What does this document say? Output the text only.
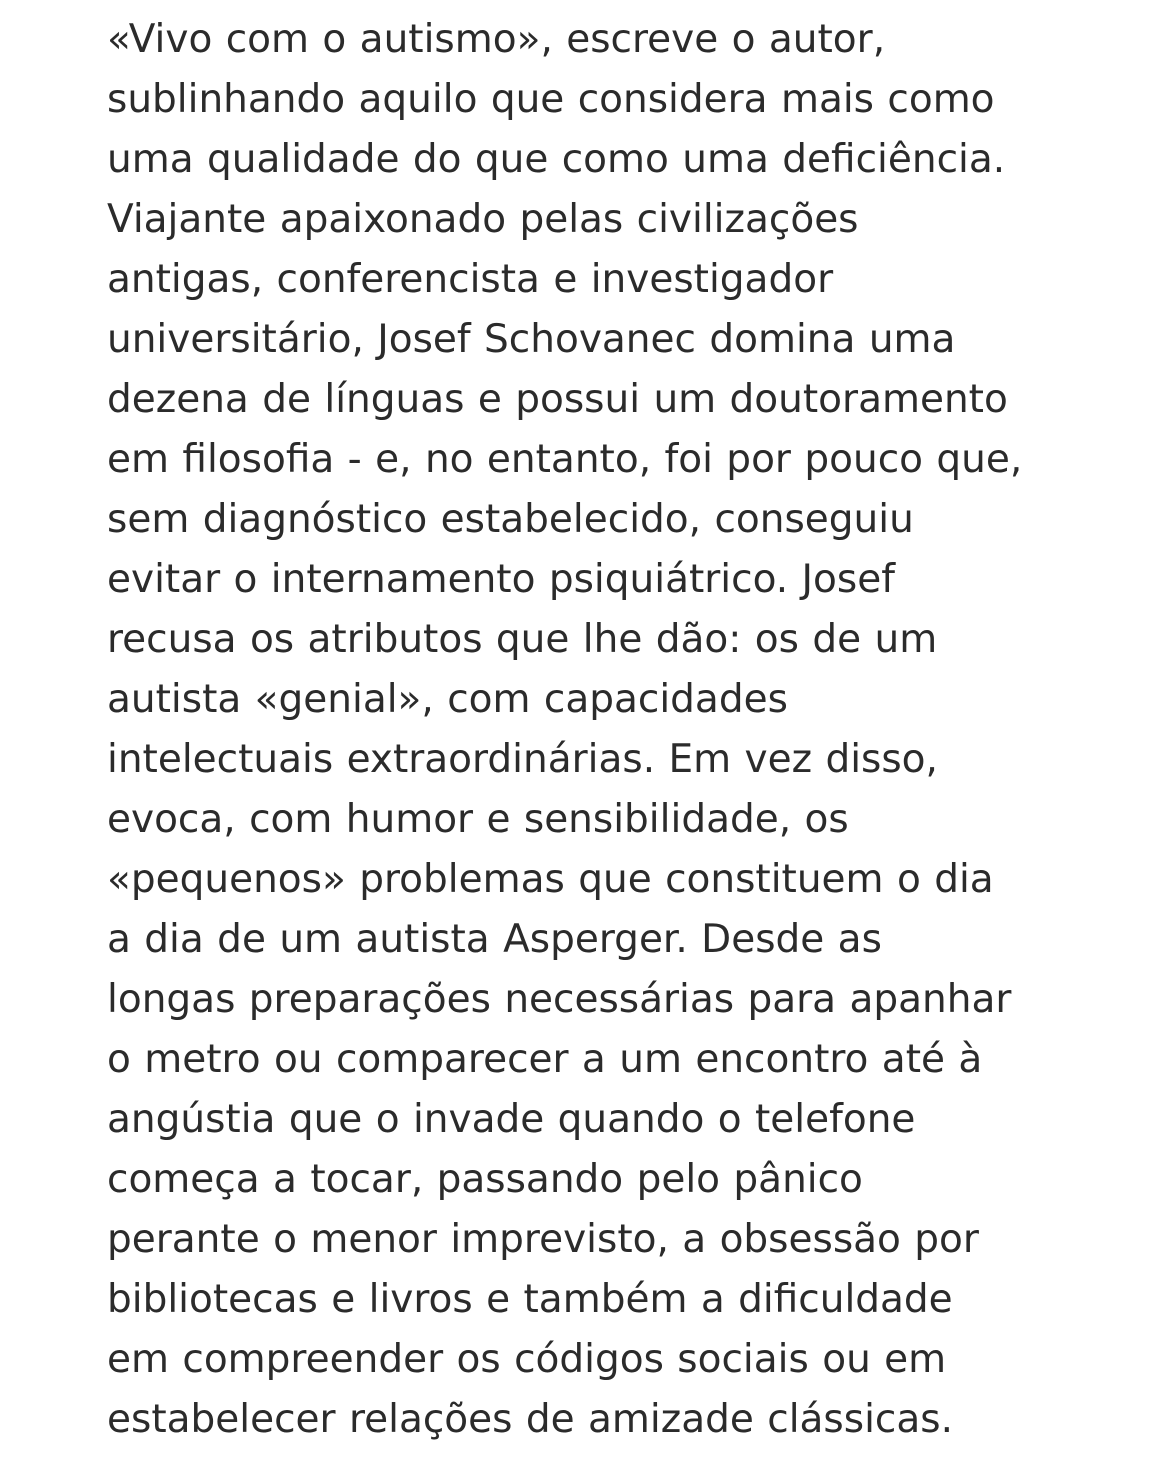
«Vivo com o autismo», escreve o autor,
sublinhando aquilo que considera mais como
uma qualidade do que como uma deficiência.
Viajante apaixonado pelas civilizações
antigas, conferencista e investigador
universitário, Josef Schovanec domina uma
dezena de línguas e possui um doutoramento
em filosofia - e, no entanto, foi por pouco que,
sem diagnóstico estabelecido, conseguiu
evitar o internamento psiquiátrico. Josef
recusa os atributos que lhe dão: os de um
autista «genial», com capacidades
intelectuais extraordinárias. Em vez disso,
evoca, com humor e sensibilidade, os
«pequenos» problemas que constituem o dia
a dia de um autista Asperger. Desde as
longas preparações necessárias para apanhar
o metro ou comparecer a um encontro até à
angústia que o invade quando o telefone
começa a tocar, passando pelo pânico
perante o menor imprevisto, a obsessão por
bibliotecas e livros e também a dificuldade
em compreender os códigos sociais ou em
estabelecer relações de amizade clássicas.
